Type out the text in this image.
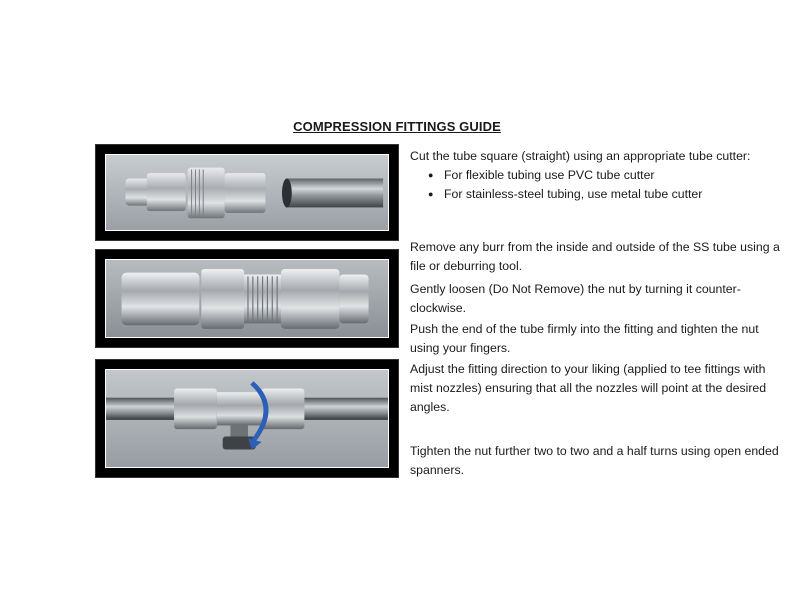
COMPRESSION FITTINGS GUIDE

Cut the tube square (straight) using an appropriate tube cutter:

● For flexible tubing use PVC tube cutter
● For stainless-steel tubing, use metal tube cutter

Remove any burr from the inside and outside of the SS tube using a file or deburring tool.

Gently loosen (Do Not Remove) the nut by turning it counter-clockwise.

Push the end of the tube firmly into the fitting and tighten the nut using your fingers.

Adjust the fitting direction to your liking (applied to tee fittings with mist nozzles) ensuring that all the nozzles will point at the desired angles.

Tighten the nut further two to two and a half turns using open ended spanners.
